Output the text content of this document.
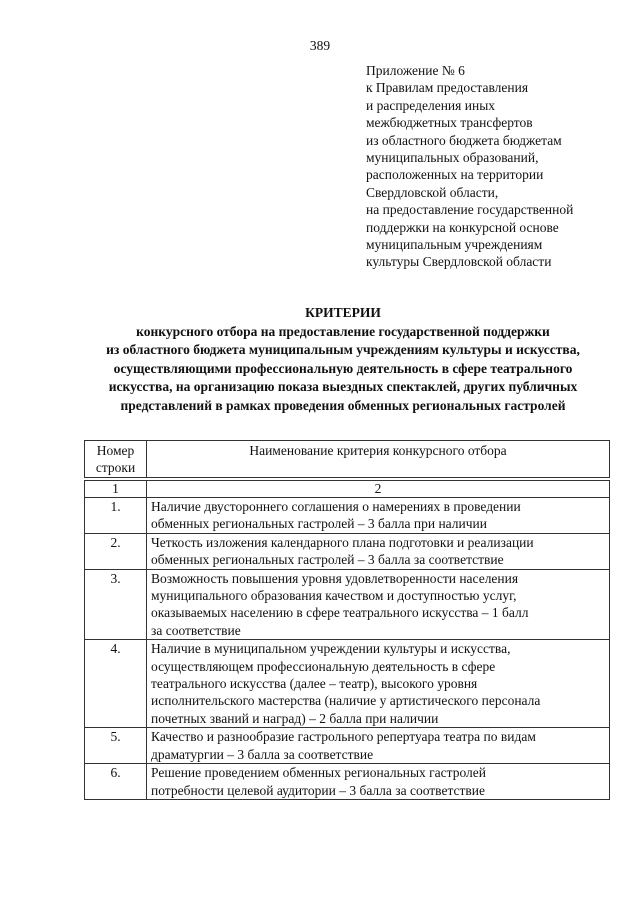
389
Приложение № 6
к Правилам предоставления
и распределения иных
межбюджетных трансфертов
из областного бюджета бюджетам
муниципальных образований,
расположенных на территории
Свердловской области,
на предоставление государственной
поддержки на конкурсной основе
муниципальным учреждениям
культуры Свердловской области
КРИТЕРИИ
конкурсного отбора на предоставление государственной поддержки
из областного бюджета муниципальным учреждениям культуры и искусства,
осуществляющими профессиональную деятельность в сфере театрального
искусства, на организацию показа выездных спектаклей, других публичных
представлений в рамках проведения обменных региональных гастролей
Номер
строки
	Наименование критерия конкурсного отбора
1	2
1.	Наличие двустороннего соглашения о намерениях в проведении
обменных региональных гастролей – 3 балла при наличии

2.	Четкость изложения календарного плана подготовки и реализации
обменных региональных гастролей – 3 балла за соответствие

3.	Возможность повышения уровня удовлетворенности населения
муниципального образования качеством и доступностью услуг,
оказываемых населению в сфере театрального искусства – 1 балл
за соответствие

4.	Наличие в муниципальном учреждении культуры и искусства,
осуществляющем профессиональную деятельность в сфере
театрального искусства (далее – театр), высокого уровня
исполнительского мастерства (наличие у артистического персонала
почетных званий и наград) – 2 балла при наличии

5.	Качество и разнообразие гастрольного репертуара театра по видам
драматургии – 3 балла за соответствие

6.	Решение проведением обменных региональных гастролей
потребности целевой аудитории – 3 балла за соответствие
